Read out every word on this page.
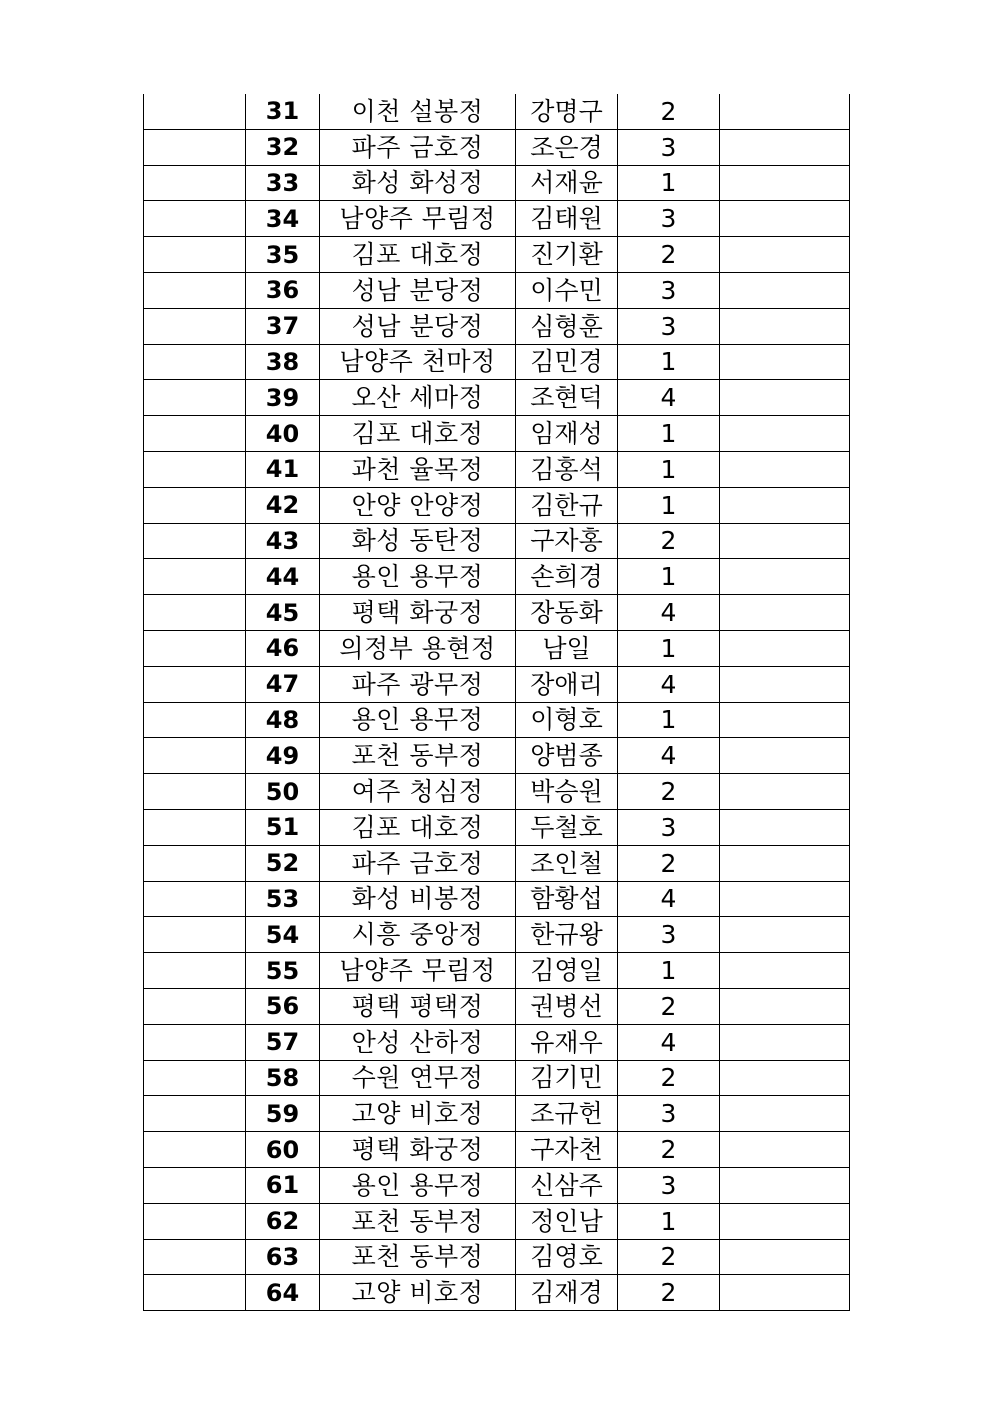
	31	이천 설봉정	강명구	2	
	32	파주 금호정	조은경	3	
	33	화성 화성정	서재윤	1	
	34	남양주 무림정	김태원	3	
	35	김포 대호정	진기환	2	
	36	성남 분당정	이수민	3	
	37	성남 분당정	심형훈	3	
	38	남양주 천마정	김민경	1	
	39	오산 세마정	조현덕	4	
	40	김포 대호정	임재성	1	
	41	과천 율목정	김홍석	1	
	42	안양 안양정	김한규	1	
	43	화성 동탄정	구자홍	2	
	44	용인 용무정	손희경	1	
	45	평택 화궁정	장동화	4	
	46	의정부 용현정	남일	1	
	47	파주 광무정	장애리	4	
	48	용인 용무정	이형호	1	
	49	포천 동부정	양범종	4	
	50	여주 청심정	박승원	2	
	51	김포 대호정	두철호	3	
	52	파주 금호정	조인철	2	
	53	화성 비봉정	함황섭	4	
	54	시흥 중앙정	한규왕	3	
	55	남양주 무림정	김영일	1	
	56	평택 평택정	권병선	2	
	57	안성 산하정	유재우	4	
	58	수원 연무정	김기민	2	
	59	고양 비호정	조규헌	3	
	60	평택 화궁정	구자천	2	
	61	용인 용무정	신삼주	3	
	62	포천 동부정	정인남	1	
	63	포천 동부정	김영호	2	
	64	고양 비호정	김재경	2	
